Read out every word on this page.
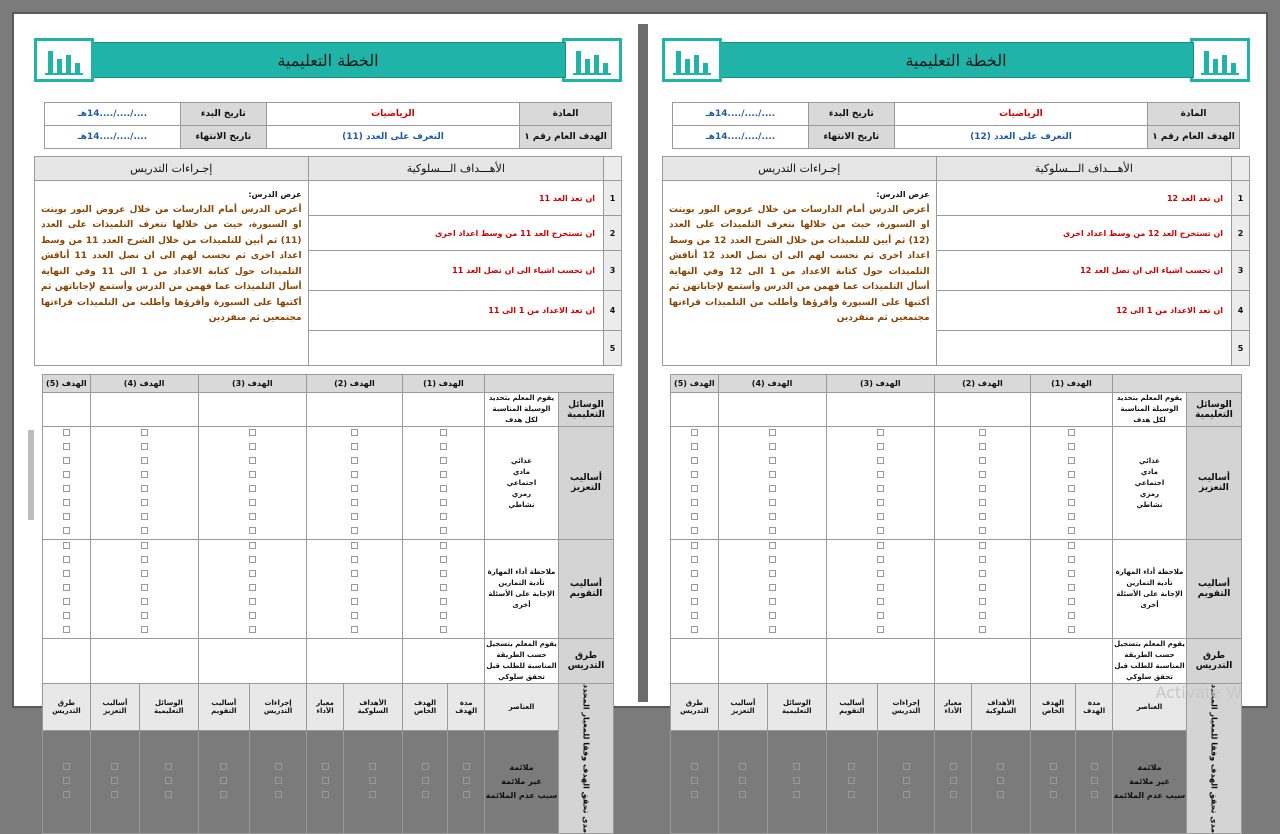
الخطة التعليمية
المادة	الرياضيات	تاريخ البدء	..../..../....14هـ
الهدف العام رقم ١	التعرف على العدد (11)	تاريخ الانتهاء	..../..../....14هـ
	الأهـــداف الـــسلوكية	إجـراءات التدريس
1	ان تعد العد 11	عرض الدرس:
أعرض الدرس أمام الدارسات من خلال عروض البور بوينت او السبورة، حيث من خلالها نتعرف التلميذات على العدد (11) ثم أبين للتلميذات من خلال الشرح العدد 11 من وسط اعداد اخرى ثم نحسب لهم الى ان نصل العدد 11 أناقش التلميذات حول كتابة الاعداد من 1 الى 11 وفي النهاية أسأل التلميذات عما فهمن من الدرس وأستمع لإجاباتهن ثم أكتبها على السبورة وأقرؤها وأطلب من التلميذات قراءتها مجتمعين ثم منفردين
2	ان تستخرج العد 11 من وسط اعداد اخرى	
3	ان تحسب اشياء الى ان تصل العد 11	
4	ان تعد الاعداد من 1 الى 11	
5		
		الهدف (1)		الهدف (2)		الهدف (3)		الهدف (4)		الهدف (5)
الوسائل التعليمية	يقوم المعلم بتحديد الوسيلة المناسبة لكل هدف									
أساليب التعزيز	غذائي
مادي
اجتماعي
رمزي
نشاطي									

أساليب التقويم	ملاحظة أداء المهارة
تأدية التمارين
الإجابة على الأسئلة
أخرى									

طرق التدريس	يقوم المعلم بتسجيل حسب الطريقة المناسبة للطلب قبل تحقق سلوكي									
مدى تحقق الهدف وفقا للمعيار المحدد	العناصر	مدة الهدف	الهدف الخاص	الأهداف السلوكية	معيار الأداء	إجراءات التدريس	أساليب التقويم	الوسائل التعليمية	أساليب التعزيز	طرق التدريس

	ملائمة
غير ملائمة
سبب عدم الملائمة									

الخطة التعليمية
المادة	الرياضيات	تاريخ البدء	..../..../....14هـ
الهدف العام رقم ١	التعرف على العدد (12)	تاريخ الانتهاء	..../..../....14هـ
	الأهـــداف الـــسلوكية	إجـراءات التدريس
1	ان تعد العد 12	عرض الدرس:
أعرض الدرس أمام الدارسات من خلال عروض البور بوينت او السبورة، حيث من خلالها نتعرف التلميذات على العدد (12) ثم أبين للتلميذات من خلال الشرح العدد 12 من وسط اعداد اخرى ثم نحسب لهم الى ان نصل العدد 12 أناقش التلميذات حول كتابة الاعداد من 1 الى 12 وفي النهاية أسأل التلميذات عما فهمن من الدرس وأستمع لإجاباتهن ثم أكتبها على السبورة وأقرؤها وأطلب من التلميذات قراءتها مجتمعين ثم منفردين
2	ان تستخرج العد 12 من وسط اعداد اخرى	
3	ان تحسب اشياء الى ان تصل العد 12	
4	ان تعد الاعداد من 1 الى 12	
5		
		الهدف (1)		الهدف (2)		الهدف (3)		الهدف (4)		الهدف (5)
الوسائل التعليمية	يقوم المعلم بتحديد الوسيلة المناسبة لكل هدف									
أساليب التعزيز	غذائي
مادي
اجتماعي
رمزي
نشاطي									

أساليب التقويم	ملاحظة أداء المهارة
تأدية التمارين
الإجابة على الأسئلة
أخرى									

طرق التدريس	يقوم المعلم بتسجيل حسب الطريقة المناسبة للطلب قبل تحقق سلوكي									
مدى تحقق الهدف وفقا للمعيار المحدد	العناصر	مدة الهدف	الهدف الخاص	الأهداف السلوكية	معيار الأداء	إجراءات التدريس	أساليب التقويم	الوسائل التعليمية	أساليب التعزيز	طرق التدريس

	ملائمة
غير ملائمة
سبب عدم الملائمة									

Activate W
